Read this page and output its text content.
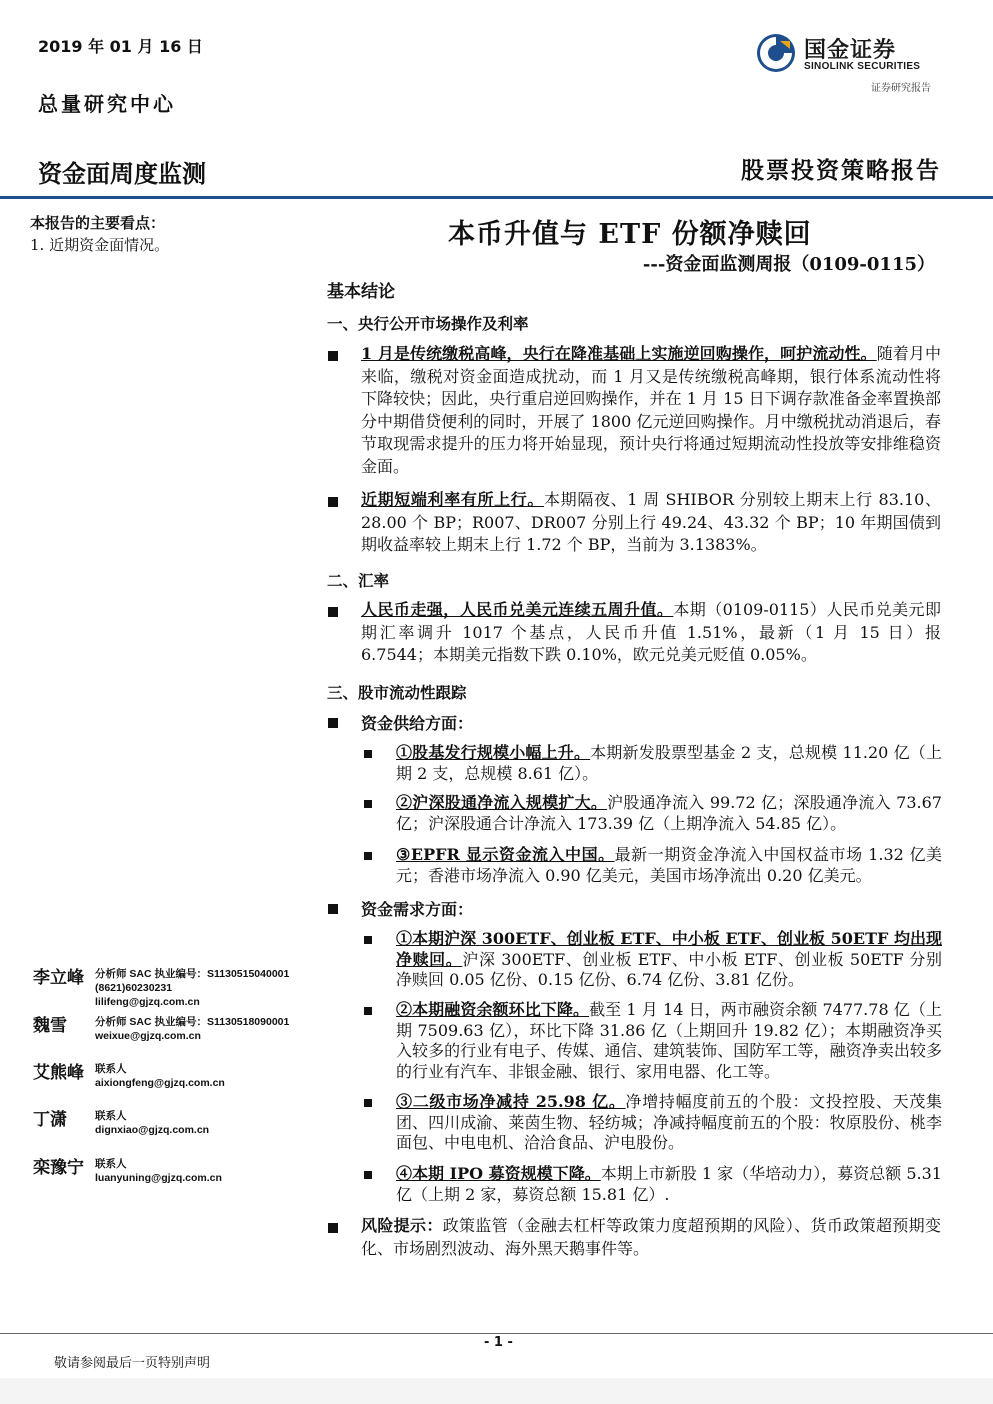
2019 年 01 月 16 日
总量研究中心
国金证券
SINOLINK SECURITIES
证券研究报告
资金面周度监测	股票投资策略报告
本报告的主要看点：
1. 近期资金面情况。
李立峰 分析师 SAC 执业编号：S1130515040001
(8621)60230231
lilifeng@gjzq.com.cn
魏雪	分析师 SAC 执业编号：S1130518090001
weixue@gjzq.com.cn
艾熊峰 联系人
aixiongfeng@gjzq.com.cn
丁潇	联系人
dignxiao@gjzq.com.cn
栾豫宁 联系人
luanyuning@gjzq.com.cn
本币升值与 ETF 份额净赎回
---资金面监测周报（0109-0115）
基本结论
一、央行公开市场操作及利率
1 月是传统缴税高峰，央行在降准基础上实施逆回购操作，呵护流动性。随着月中来临，缴税对资金面造成扰动，而 1 月又是传统缴税高峰期，银行体系流动性将下降较快；因此，央行重启逆回购操作，并在 1 月 15 日下调存款准备金率置换部分中期借贷便利的同时，开展了 1800 亿元逆回购操作。月中缴税扰动消退后，春节取现需求提升的压力将开始显现，预计央行将通过短期流动性投放等安排维稳资金面。
近期短端利率有所上行。本期隔夜、1 周 SHIBOR 分别较上期末上行 83.10、28.00 个 BP；R007、DR007 分别上行 49.24、43.32 个 BP；10 年期国债到期收益率较上期末上行 1.72 个 BP，当前为 3.1383%。
二、汇率
人民币走强，人民币兑美元连续五周升值。本期（0109-0115）人民币兑美元即期汇率调升 1017 个基点，人民币升值 1.51%，最新（1 月 15 日）报 6.7544；本期美元指数下跌 0.10%，欧元兑美元贬值 0.05%。
三、股市流动性跟踪
资金供给方面：
①股基发行规模小幅上升。本期新发股票型基金 2 支，总规模 11.20 亿（上期 2 支，总规模 8.61 亿）。
②沪深股通净流入规模扩大。沪股通净流入 99.72 亿；深股通净流入 73.67 亿；沪深股通合计净流入 173.39 亿（上期净流入 54.85 亿）。
③EPFR 显示资金流入中国。最新一期资金净流入中国权益市场 1.32 亿美元；香港市场净流入 0.90 亿美元，美国市场净流出 0.20 亿美元。
资金需求方面：
①本期沪深 300ETF、创业板 ETF、中小板 ETF、创业板 50ETF 均出现净赎回。沪深 300ETF、创业板 ETF、中小板 ETF、创业板 50ETF 分别净赎回 0.05 亿份、0.15 亿份、6.74 亿份、3.81 亿份。
②本期融资余额环比下降。截至 1 月 14 日，两市融资余额 7477.78 亿（上期 7509.63 亿），环比下降 31.86 亿（上期回升 19.82 亿）；本期融资净买入较多的行业有电子、传媒、通信、建筑装饰、国防军工等，融资净卖出较多的行业有汽车、非银金融、银行、家用电器、化工等。
③二级市场净减持 25.98 亿。净增持幅度前五的个股：文投控股、天茂集团、四川成渝、莱茵生物、轻纺城；净减持幅度前五的个股：牧原股份、桃李面包、中电电机、洽洽食品、沪电股份。
④本期 IPO 募资规模下降。本期上市新股 1 家（华培动力），募资总额 5.31 亿（上期 2 家，募资总额 15.81 亿）.
风险提示：政策监管（金融去杠杆等政策力度超预期的风险）、货币政策超预期变化、市场剧烈波动、海外黑天鹅事件等。
- 1 -
敬请参阅最后一页特别声明
